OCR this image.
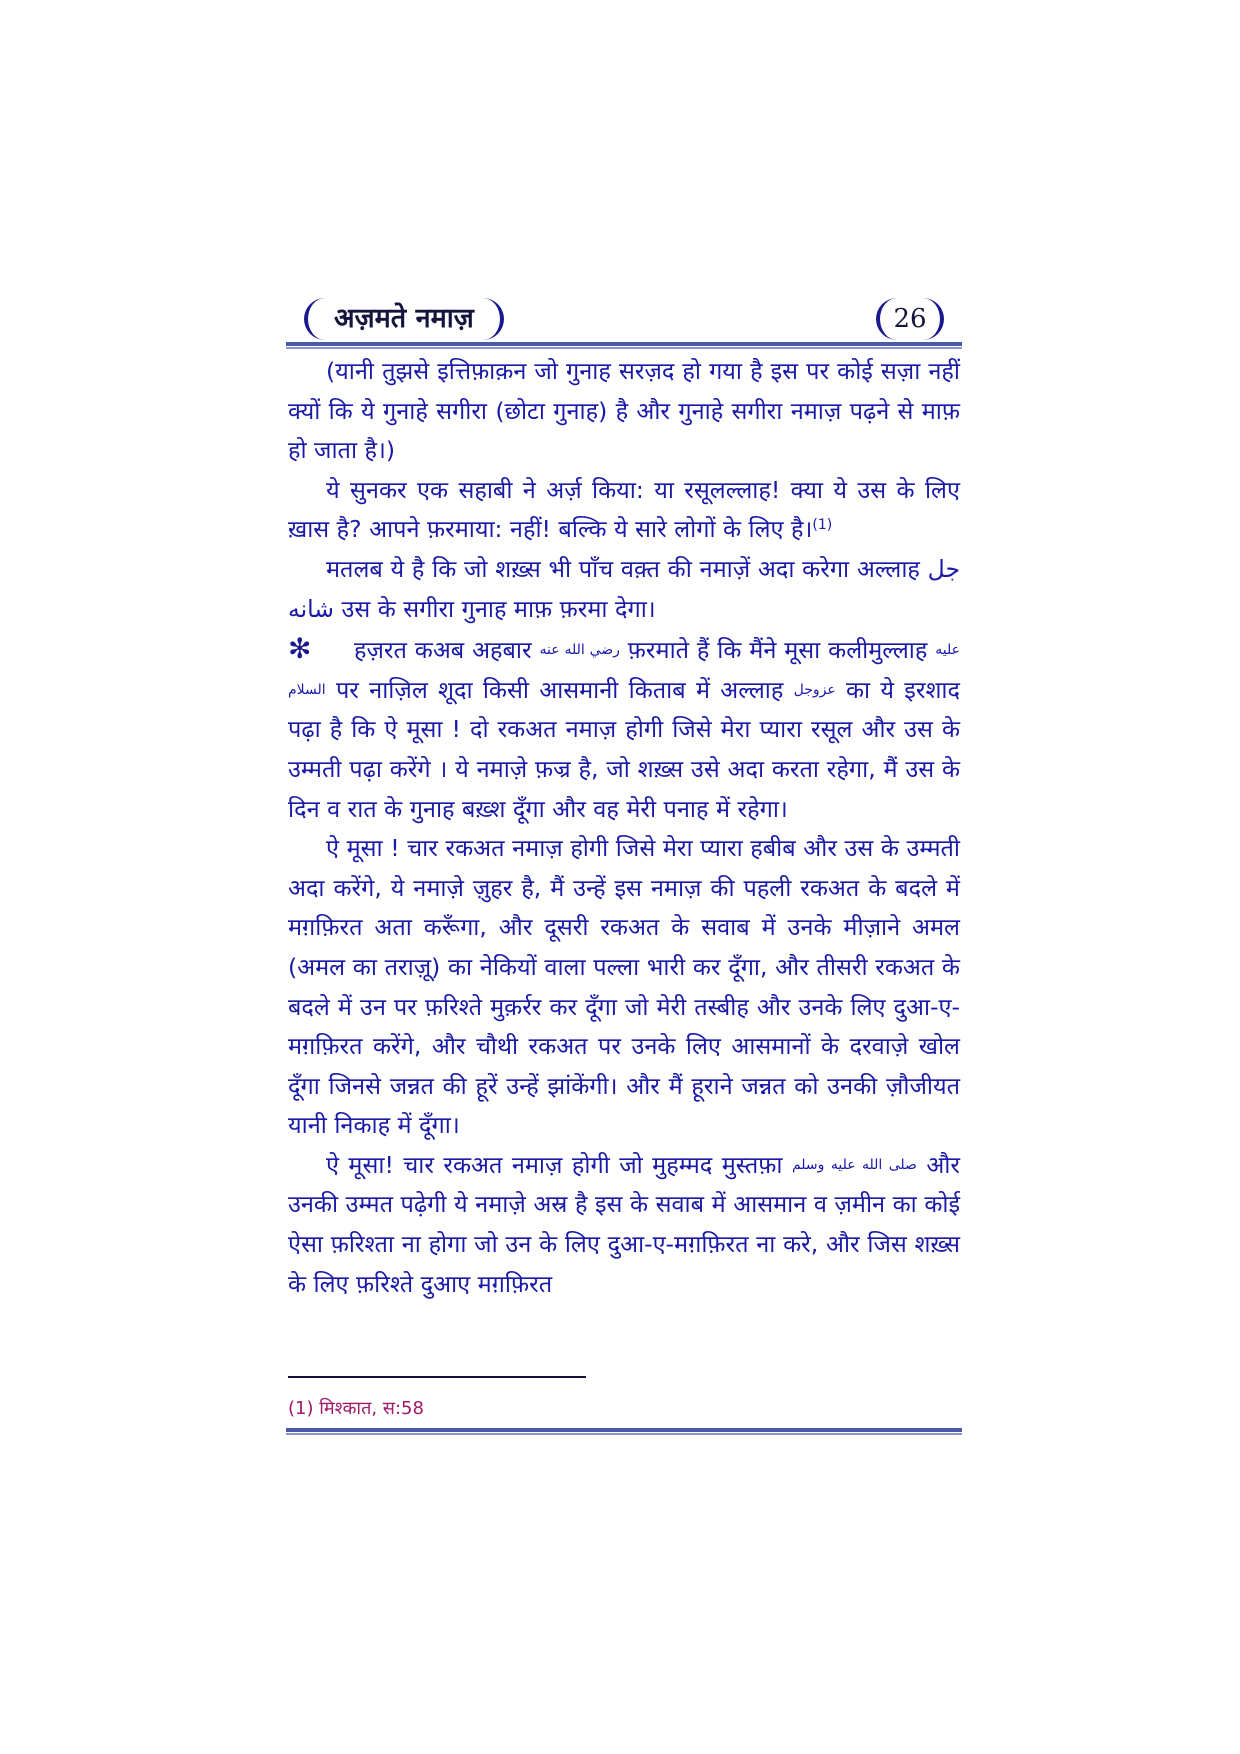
अज़मते नमाज़	26

(यानी तुझसे इत्तिफ़ाक़न जो गुनाह सरज़द हो गया है इस पर कोई सज़ा नहीं क्यों कि ये गुनाहे सगीरा (छोटा गुनाह) है और गुनाहे सगीरा नमाज़ पढ़ने से माफ़ हो जाता है।)

ये सुनकर एक सहाबी ने अर्ज़ किया: या रसूलल्लाह! क्या ये उस के लिए ख़ास है? आपने फ़रमाया: नहीं! बल्कि ये सारे लोगों के लिए है।$^{(1)}$

मतलब ये है कि जो शख़्स भी पाँच वक़्त की नमाज़ें अदा करेगा अल्लाह جل شانه उस के सगीरा गुनाह माफ़ फ़रमा देगा।

✻ हज़रत कअब अहबार رضي الله عنه फ़रमाते हैं कि मैंने मूसा कलीमुल्लाह عليه السلام पर नाज़िल शूदा किसी आसमानी किताब में अल्लाह عزوجل का ये इरशाद पढ़ा है कि ऐ मूसा ! दो रकअत नमाज़ होगी जिसे मेरा प्यारा रसूल और उस के उम्मती पढ़ा करेंगे । ये नमाज़े फ़ज्र है, जो शख़्स उसे अदा करता रहेगा, मैं उस के दिन व रात के गुनाह बख़्श दूँगा और वह मेरी पनाह में रहेगा।

ऐ मूसा ! चार रकअत नमाज़ होगी जिसे मेरा प्यारा हबीब और उस के उम्मती अदा करेंगे, ये नमाज़े ज़ुहर है, मैं उन्हें इस नमाज़ की पहली रकअत के बदले में मग़फ़िरत अता करूँगा, और दूसरी रकअत के सवाब में उनके मीज़ाने अमल (अमल का तराज़ू) का नेकियों वाला पल्ला भारी कर दूँगा, और तीसरी रकअत के बदले में उन पर फ़रिश्ते मुक़र्रर कर दूँगा जो मेरी तस्बीह और उनके लिए दुआ-ए-मग़फ़िरत करेंगे, और चौथी रकअत पर उनके लिए आसमानों के दरवाज़े खोल दूँगा जिनसे जन्नत की हूरें उन्हें झांकेंगी। और मैं हूराने जन्नत को उनकी ज़ौजीयत यानी निकाह में दूँगा।

ऐ मूसा! चार रकअत नमाज़ होगी जो मुहम्मद मुस्तफ़ा صلى الله عليه وسلم और उनकी उम्मत पढ़ेगी ये नमाज़े अस्र है इस के सवाब में आसमान व ज़मीन का कोई ऐसा फ़रिश्ता ना होगा जो उन के लिए दुआ-ए-मग़फ़िरत ना करे, और जिस शख़्स के लिए फ़रिश्ते दुआए मग़फ़िरत

(1) मिश्कात, स:58
